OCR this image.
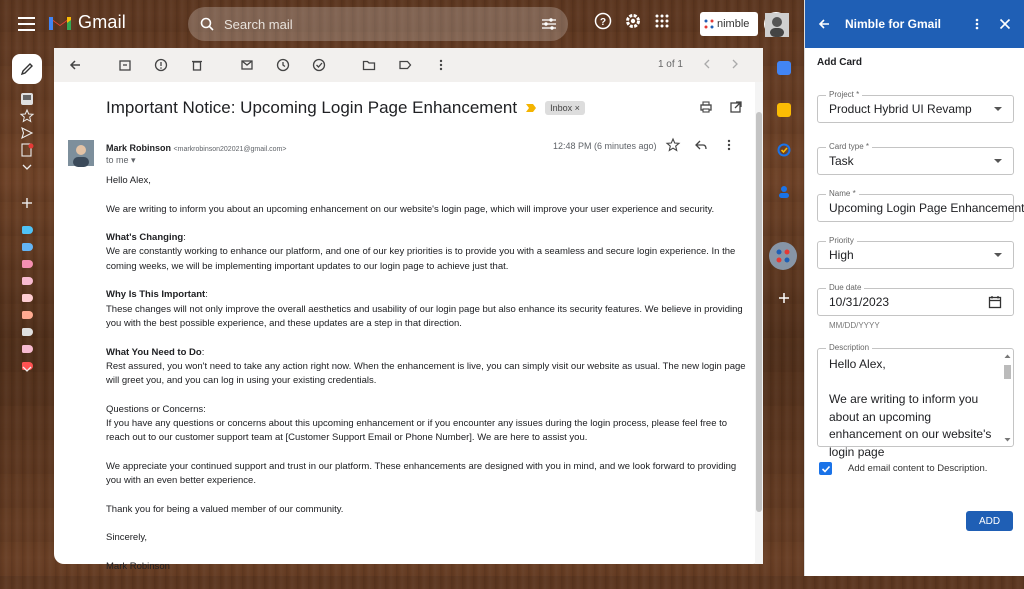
Gmail	Search mail	?	nimble
1 of 1
Important Notice: Upcoming Login Page Enhancement	Inbox ×
Mark Robinson <markrobinson202021@gmail.com>
to me ▾
12:48 PM (6 minutes ago)

Hello Alex,

We are writing to inform you about an upcoming enhancement on our website's login page, which will improve your user experience and security.

What's Changing:
We are constantly working to enhance our platform, and one of our key priorities is to provide you with a seamless and secure login experience. In the coming weeks, we will be implementing important updates to our login page to achieve just that.

Why Is This Important:
These changes will not only improve the overall aesthetics and usability of our login page but also enhance its security features. We believe in providing you with the best possible experience, and these updates are a step in that direction.

What You Need to Do:
Rest assured, you won't need to take any action right now. When the enhancement is live, you can simply visit our website as usual. The new login page will greet you, and you can log in using your existing credentials.

Questions or Concerns:
If you have any questions or concerns about this upcoming enhancement or if you encounter any issues during the login process, please feel free to reach out to our customer support team at [Customer Support Email or Phone Number]. We are here to assist you.

We appreciate your continued support and trust in our platform. These enhancements are designed with you in mind, and we look forward to providing you with an even better experience.

Thank you for being a valued member of our community.

Sincerely,

Mark Robinson

Nimble for Gmail
Add Card
Project *
Product Hybrid UI Revamp
Card type *
Task
Name *
Upcoming Login Page Enhancement
Priority
High
Due date
10/31/2023
MM/DD/YYYY
Description
Hello Alex,

We are writing to inform you about an upcoming enhancement on our website's login page
Add email content to Description.
ADD
